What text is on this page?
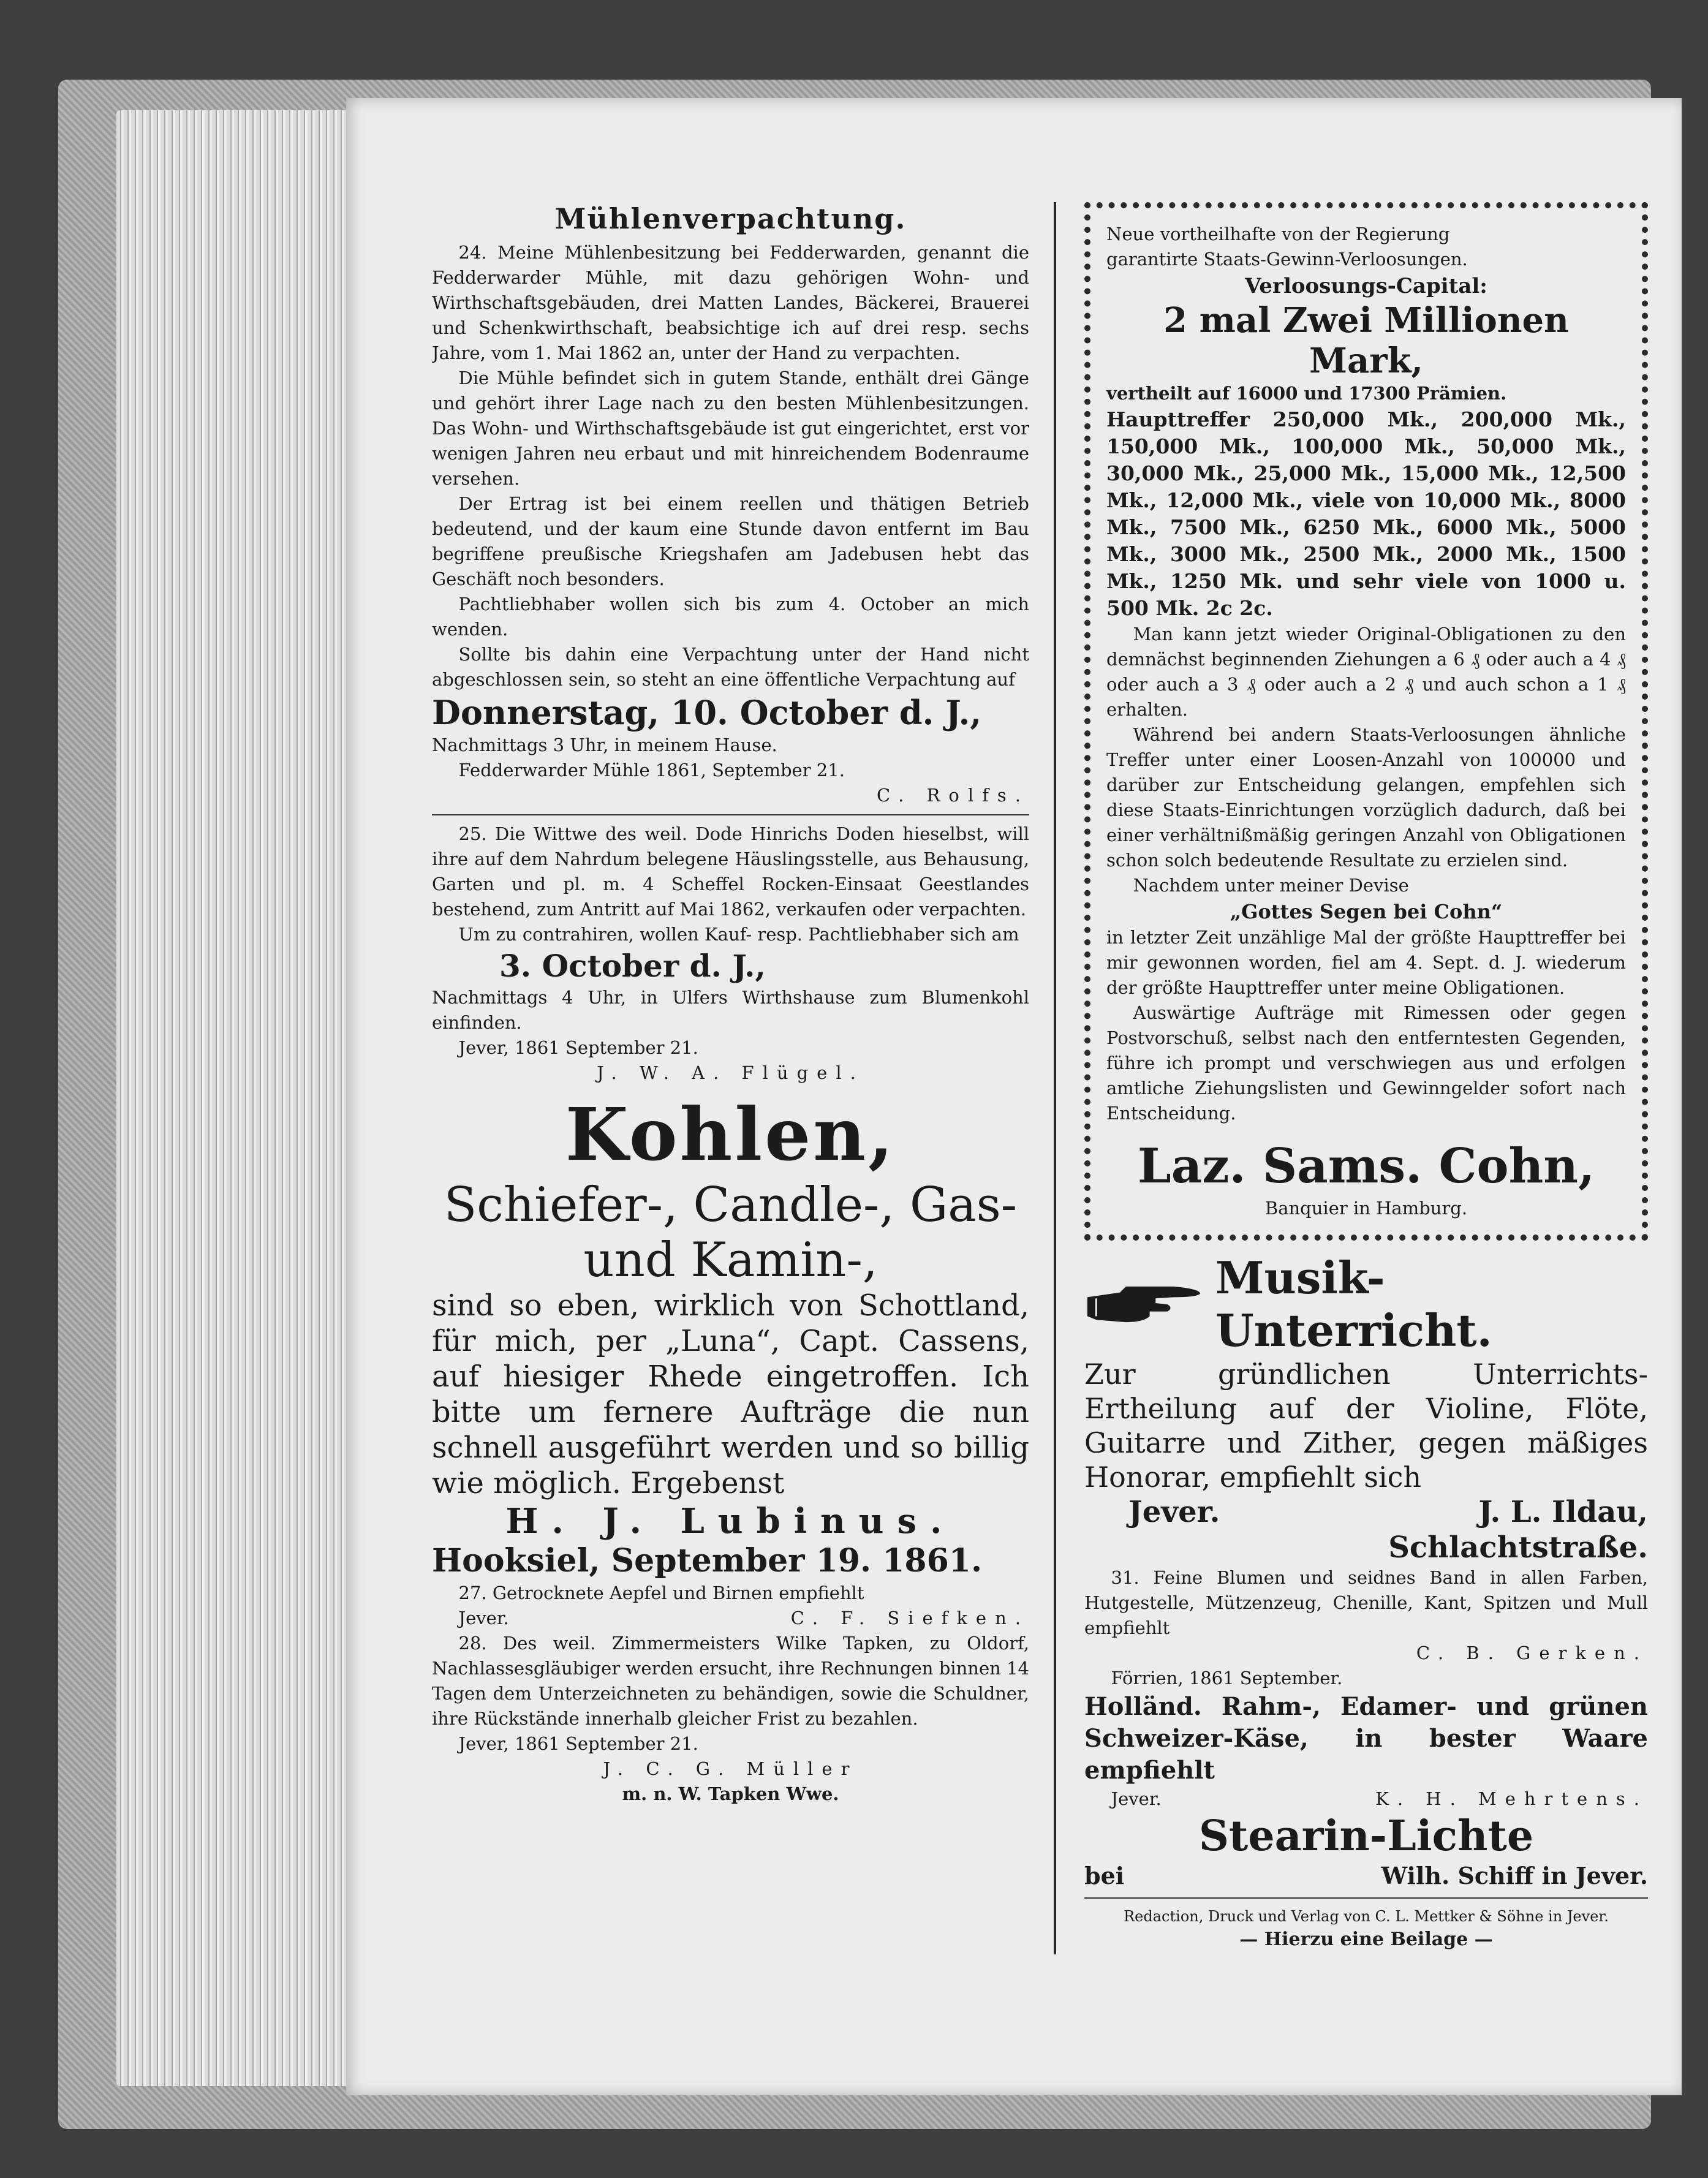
Mühlenverpachtung.

24. Meine Mühlenbesitzung bei Fedderwarden, genannt die Fedderwarder Mühle, mit dazu gehörigen Wohn- und Wirthschaftsgebäuden, drei Matten Landes, Bäckerei, Brauerei und Schenkwirthschaft, beabsichtige ich auf drei resp. sechs Jahre, vom 1. Mai 1862 an, unter der Hand zu verpachten.

Die Mühle befindet sich in gutem Stande, enthält drei Gänge und gehört ihrer Lage nach zu den besten Mühlenbesitzungen. Das Wohn- und Wirthschaftsgebäude ist gut eingerichtet, erst vor wenigen Jahren neu erbaut und mit hinreichendem Bodenraume versehen.

Der Ertrag ist bei einem reellen und thätigen Betrieb bedeutend, und der kaum eine Stunde davon entfernt im Bau begriffene preußische Kriegshafen am Jadebusen hebt das Geschäft noch besonders.

Pachtliebhaber wollen sich bis zum 4. October an mich wenden.

Sollte bis dahin eine Verpachtung unter der Hand nicht abgeschlossen sein, so steht an eine öffentliche Verpachtung auf

Donnerstag, 10. October d. J.,

Nachmittags 3 Uhr, in meinem Hause.

Fedderwarder Mühle 1861, September 21.

C. Rolfs.

25. Die Wittwe des weil. Dode Hinrichs Doden hieselbst, will ihre auf dem Nahrdum belegene Häuslingsstelle, aus Behausung, Garten und pl. m. 4 Scheffel Rocken-Einsaat Geestlandes bestehend, zum Antritt auf Mai 1862, verkaufen oder verpachten.

Um zu contrahiren, wollen Kauf- resp. Pachtliebhaber sich am

3. October d. J.,

Nachmittags 4 Uhr, in Ulfers Wirthshause zum Blumenkohl einfinden.

Jever, 1861 September 21.

J. W. A. Flügel.

Kohlen,

Schiefer-, Candle-, Gas-

und Kamin-,

sind so eben, wirklich von Schottland, für mich, per „Luna“, Capt. Cassens, auf hiesiger Rhede eingetroffen. Ich bitte um fernere Aufträge die nun schnell ausgeführt werden und so billig wie möglich. Ergebenst

H. J. Lubinus.

Hooksiel, September 19. 1861.

27. Getrocknete Aepfel und Birnen empfiehlt

Jever.	C. F. Siefken.

28. Des weil. Zimmermeisters Wilke Tapken, zu Oldorf, Nachlassesgläubiger werden ersucht, ihre Rechnungen binnen 14 Tagen dem Unterzeichneten zu behändigen, sowie die Schuldner, ihre Rückstände innerhalb gleicher Frist zu bezahlen.

Jever, 1861 September 21.

J. C. G. Müller

m. n. W. Tapken Wwe.

Neue vortheilhafte von der Regierung

garantirte Staats-Gewinn-Verloosungen.

Verloosungs-Capital:

2 mal Zwei Millionen Mark,

vertheilt auf 16000 und 17300 Prämien.

Haupttreffer 250,000 Mk., 200,000 Mk., 150,000 Mk., 100,000 Mk., 50,000 Mk., 30,000 Mk., 25,000 Mk., 15,000 Mk., 12,500 Mk., 12,000 Mk., viele von 10,000 Mk., 8000 Mk., 7500 Mk., 6250 Mk., 6000 Mk., 5000 Mk., 3000 Mk., 2500 Mk., 2000 Mk., 1500 Mk., 1250 Mk. und sehr viele von 1000 u. 500 Mk. 2c 2c.

Man kann jetzt wieder Original-Obligationen zu den demnächst beginnenden Ziehungen a 6 ₰ oder auch a 4 ₰ oder auch a 3 ₰ oder auch a 2 ₰ und auch schon a 1 ₰ erhalten.

Während bei andern Staats-Verloosungen ähnliche Treffer unter einer Loosen-Anzahl von 100000 und darüber zur Entscheidung gelangen, empfehlen sich diese Staats-Einrichtungen vorzüglich dadurch, daß bei einer verhältnißmäßig geringen Anzahl von Obligationen schon solch bedeutende Resultate zu erzielen sind.

Nachdem unter meiner Devise

„Gottes Segen bei Cohn“

in letzter Zeit unzählige Mal der größte Haupttreffer bei mir gewonnen worden, fiel am 4. Sept. d. J. wiederum der größte Haupttreffer unter meine Obligationen.

Auswärtige Aufträge mit Rimessen oder gegen Postvorschuß, selbst nach den entferntesten Gegenden, führe ich prompt und verschwiegen aus und erfolgen amtliche Ziehungslisten und Gewinngelder sofort nach Entscheidung.

Laz. Sams. Cohn,

Banquier in Hamburg.

Musik-Unterricht.

Zur gründlichen Unterrichts-Ertheilung auf der Violine, Flöte, Guitarre und Zither, gegen mäßiges Honorar, empfiehlt sich

Jever.	J. L. Ildau,

Schlachtstraße.

31. Feine Blumen und seidnes Band in allen Farben, Hutgestelle, Mützenzeug, Chenille, Kant, Spitzen und Mull empfiehlt

C. B. Gerken.

Förrien, 1861 September.

Holländ. Rahm-, Edamer- und grünen Schweizer-Käse, in bester Waare empfiehlt

Jever.	K. H. Mehrtens.

Stearin-Lichte

bei	Wilh. Schiff in Jever.

Redaction, Druck und Verlag von C. L. Mettker & Söhne in Jever.

— Hierzu eine Beilage —
